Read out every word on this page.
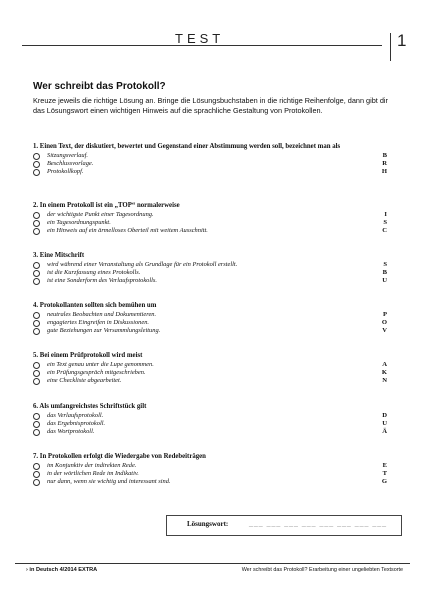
TEST	1
Wer schreibt das Protokoll?
Kreuze jeweils die richtige Lösung an. Bringe die Lösungsbuchstaben in die richtige Reihenfolge, dann gibt dir das Lösungswort einen wichtigen Hinweis auf die sprachliche Gestaltung von Protokollen.
1. Einen Text, der diskutiert, bewertet und Gegenstand einer Abstimmung werden soll, bezeichnet man als
Sitzungsverlauf.	B
Beschlussvorlage.	R
Protokollkopf.	H
2. In einem Protokoll ist ein „TOP“ normalerweise
der wichtigste Punkt einer Tagesordnung.	I
ein Tagesordnungspunkt.	S
ein Hinweis auf ein ärmelloses Oberteil mit weitem Ausschnitt.	C
3. Eine Mitschrift
wird während einer Veranstaltung als Grundlage für ein Protokoll erstellt.	S
ist die Kurzfassung eines Protokolls.	B
ist eine Sonderform des Verlaufsprotokolls.	U
4. Protokollanten sollten sich bemühen um
neutrales Beobachten und Dokumentieren.	P
engagiertes Eingreifen in Diskussionen.	O
gute Beziehungen zur Versammlungsleitung.	V
5. Bei einem Prüfprotokoll wird meist
ein Text genau unter die Lupe genommen.	A
ein Prüfungsgespräch mitgeschrieben.	K
eine Checkliste abgearbeitet.	N
6. Als umfangreichstes Schriftstück gilt
das Verlaufsprotokoll.	D
das Ergebnisprotokoll.	U
das Wortprotokoll.	Ä
7. In Protokollen erfolgt die Wiedergabe von Redebeiträgen
im Konjunktiv der indirekten Rede.	E
in der wörtlichen Rede im Indikativ.	T
nur dann, wenn sie wichtig und interessant sind.	G
Lösungswort:	___ ___ ___ ___ ___ ___ ___ ___
› in Deutsch 4/2014 EXTRA	Wer schreibt das Protokoll? Erarbeitung einer ungeliebten Textsorte
